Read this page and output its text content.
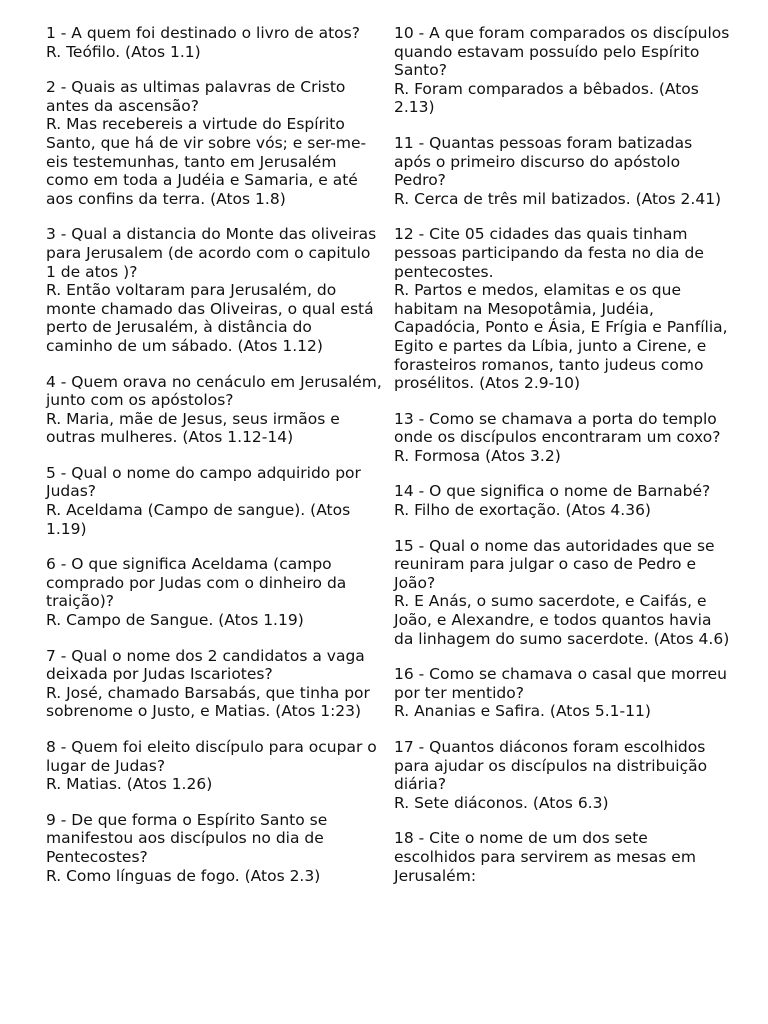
1 - A quem foi destinado o livro de atos?

R. Teófilo. (Atos 1.1)

2 - Quais as ultimas palavras de Cristo antes da ascensão?

R. Mas recebereis a virtude do Espírito Santo, que há de vir sobre vós; e ser-me-eis testemunhas, tanto em Jerusalém como em toda a Judéia e Samaria, e até aos confins da terra. (Atos 1.8)

3 - Qual a distancia do Monte das oliveiras para Jerusalem (de acordo com o capitulo 1 de atos )?

R. Então voltaram para Jerusalém, do monte chamado das Oliveiras, o qual está perto de Jerusalém, à distância do caminho de um sábado. (Atos 1.12)

4 - Quem orava no cenáculo em Jerusalém, junto com os apóstolos?

R. Maria, mãe de Jesus, seus irmãos e outras mulheres. (Atos 1.12-14)

5 - Qual o nome do campo adquirido por Judas?

R. Aceldama (Campo de sangue). (Atos 1.19)

6 - O que significa Aceldama (campo comprado por Judas com o dinheiro da traição)?

R. Campo de Sangue. (Atos 1.19)

7 - Qual o nome dos 2 candidatos a vaga deixada por Judas Iscariotes?

R. José, chamado Barsabás, que tinha por sobrenome o Justo, e Matias. (Atos 1:23)

8 - Quem foi eleito discípulo para ocupar o lugar de Judas?

R. Matias. (Atos 1.26)

9 - De que forma o Espírito Santo se manifestou aos discípulos no dia de Pentecostes?

R. Como línguas de fogo. (Atos 2.3)

10 - A que foram comparados os discípulos quando estavam possuído pelo Espírito Santo?

R. Foram comparados a bêbados. (Atos 2.13)

11 - Quantas pessoas foram batizadas após o primeiro discurso do apóstolo Pedro?

R. Cerca de três mil batizados. (Atos 2.41)

12 - Cite 05 cidades das quais tinham pessoas participando da festa no dia de pentecostes.

R. Partos e medos, elamitas e os que habitam na Mesopotâmia, Judéia, Capadócia, Ponto e Ásia, E Frígia e Panfília, Egito e partes da Líbia, junto a Cirene, e forasteiros romanos, tanto judeus como prosélitos. (Atos 2.9-10)

13 - Como se chamava a porta do templo onde os discípulos encontraram um coxo?

R. Formosa (Atos 3.2)

14 - O que significa o nome de Barnabé?

R. Filho de exortação. (Atos 4.36)

15 - Qual o nome das autoridades que se reuniram para julgar o caso de Pedro e João?

R. E Anás, o sumo sacerdote, e Caifás, e João, e Alexandre, e todos quantos havia da linhagem do sumo sacerdote. (Atos 4.6)

16 - Como se chamava o casal que morreu por ter mentido?

R. Ananias e Safira. (Atos 5.1-11)

17 - Quantos diáconos foram escolhidos para ajudar os discípulos na distribuição diária?

R. Sete diáconos. (Atos 6.3)

18 - Cite o nome de um dos sete escolhidos para servirem as mesas em Jerusalém:
